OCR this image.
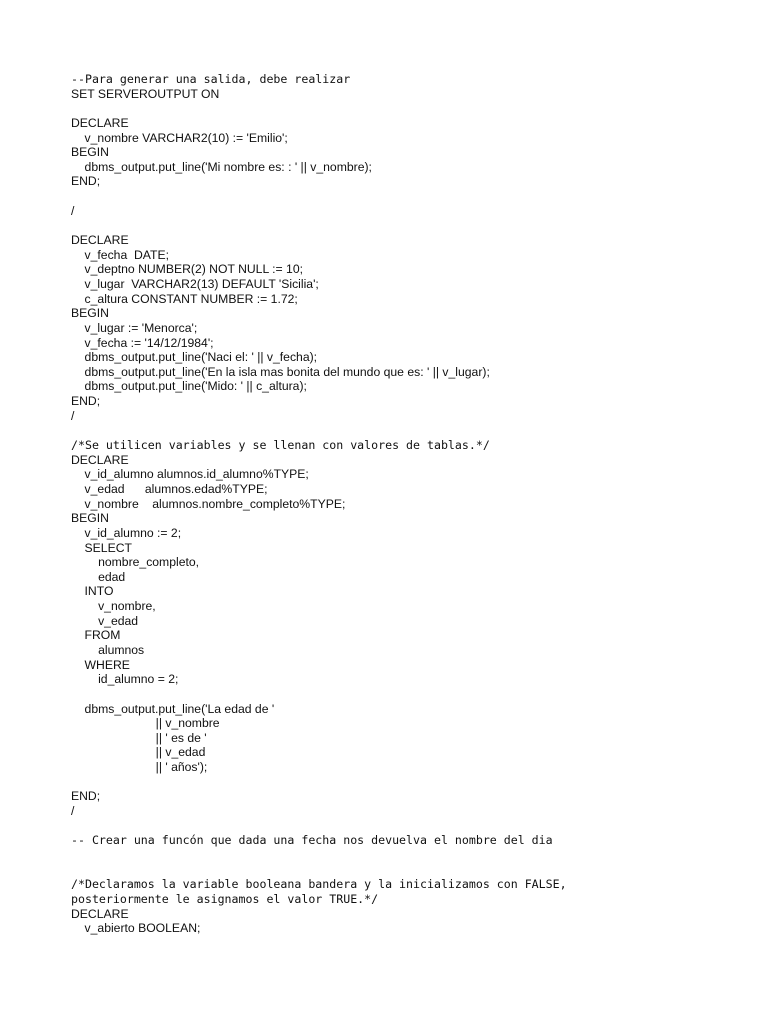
--Para generar una salida, debe realizar
SET SERVEROUTPUT ON
DECLARE
v_nombre VARCHAR2(10) := 'Emilio';
BEGIN
dbms_output.put_line('Mi nombre es: : ' || v_nombre);
END;
/
DECLARE
v_fecha  DATE;
v_deptno NUMBER(2) NOT NULL := 10;
v_lugar  VARCHAR2(13) DEFAULT 'Sicilia';
c_altura CONSTANT NUMBER := 1.72;
BEGIN
v_lugar := 'Menorca';
v_fecha := '14/12/1984';
dbms_output.put_line('Naci el: ' || v_fecha);
dbms_output.put_line('En la isla mas bonita del mundo que es: ' || v_lugar);
dbms_output.put_line('Mido: ' || c_altura);
END;
/
/*Se utilicen variables y se llenan con valores de tablas.*/
DECLARE
v_id_alumno alumnos.id_alumno%TYPE;
v_edad      alumnos.edad%TYPE;
v_nombre    alumnos.nombre_completo%TYPE;
BEGIN
v_id_alumno := 2;
SELECT
nombre_completo,
edad
INTO
v_nombre,
v_edad
FROM
alumnos
WHERE
id_alumno = 2;
dbms_output.put_line('La edad de '
|| v_nombre
|| ' es de '
|| v_edad
|| ' años');
END;
/
-- Crear una funcón que dada una fecha nos devuelva el nombre del dia
/*Declaramos la variable booleana bandera y la inicializamos con FALSE,
posteriormente le asignamos el valor TRUE.*/
DECLARE
v_abierto BOOLEAN;
